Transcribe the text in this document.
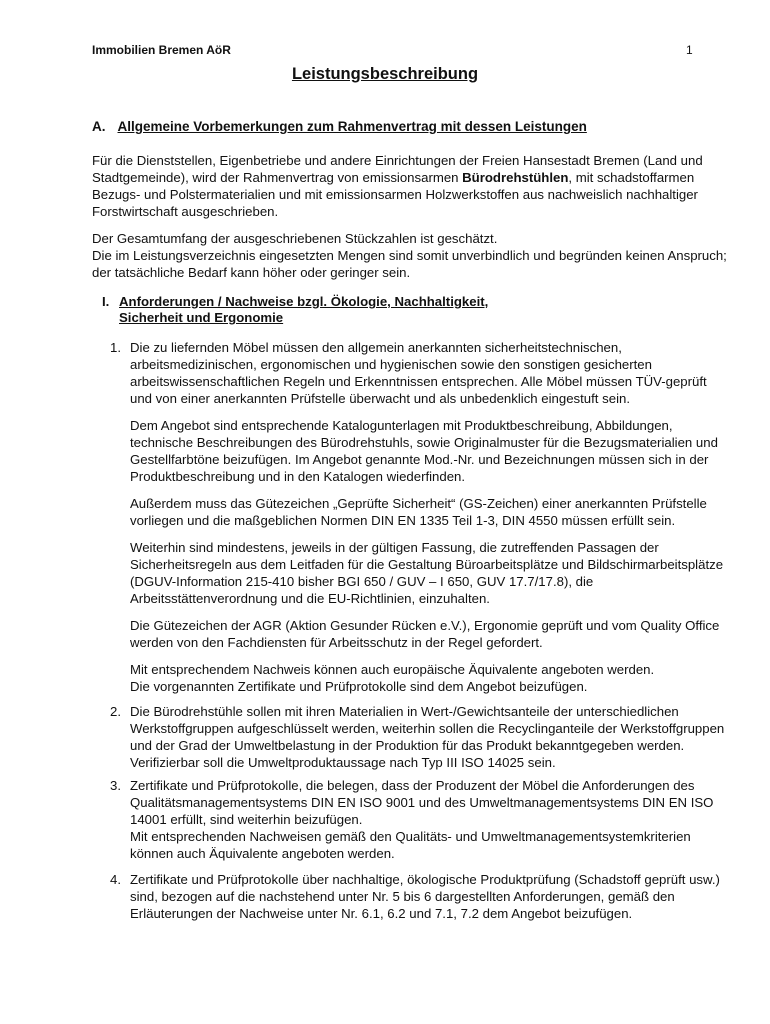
Immobilien Bremen AöR	1
Leistungsbeschreibung
A. Allgemeine Vorbemerkungen zum Rahmenvertrag mit dessen Leistungen

Für die Dienststellen, Eigenbetriebe und andere Einrichtungen der Freien Hansestadt Bremen (Land und Stadtgemeinde), wird der Rahmenvertrag von emissionsarmen Bürodrehstühlen, mit schadstoffarmen Bezugs- und Polstermaterialien und mit emissionsarmen Holzwerkstoffen aus nachweislich nachhaltiger Forstwirtschaft ausgeschrieben.

Der Gesamtumfang der ausgeschriebenen Stückzahlen ist geschätzt.

Die im Leistungsverzeichnis eingesetzten Mengen sind somit unverbindlich und begründen keinen Anspruch; der tatsächliche Bedarf kann höher oder geringer sein.

I. Anforderungen / Nachweise bzgl. Ökologie, Nachhaltigkeit,
Sicherheit und Ergonomie
1. Die zu liefernden Möbel müssen den allgemein anerkannten sicherheitstechnischen, arbeitsmedizinischen, ergonomischen und hygienischen sowie den sonstigen gesicherten arbeitswissenschaftlichen Regeln und Erkenntnissen entsprechen. Alle Möbel müssen TÜV-geprüft und von einer anerkannten Prüfstelle überwacht und als unbedenklich eingestuft sein.

Dem Angebot sind entsprechende Katalogunterlagen mit Produktbeschreibung, Abbildungen, technische Beschreibungen des Bürodrehstuhls, sowie Originalmuster für die Bezugsmaterialien und Gestellfarbtöne beizufügen. Im Angebot genannte Mod.-Nr. und Bezeichnungen müssen sich in der Produktbeschreibung und in den Katalogen wiederfinden.

Außerdem muss das Gütezeichen „Geprüfte Sicherheit“ (GS-Zeichen) einer anerkannten Prüfstelle vorliegen und die maßgeblichen Normen DIN EN 1335 Teil 1-3, DIN 4550 müssen erfüllt sein.

Weiterhin sind mindestens, jeweils in der gültigen Fassung, die zutreffenden Passagen der Sicherheitsregeln aus dem Leitfaden für die Gestaltung Büroarbeitsplätze und Bildschirmarbeitsplätze (DGUV-Information 215-410 bisher BGI 650 / GUV – I 650, GUV 17.7/17.8), die Arbeitsstättenverordnung und die EU-Richtlinien, einzuhalten.

Die Gütezeichen der AGR (Aktion Gesunder Rücken e.V.), Ergonomie geprüft und vom Quality Office werden von den Fachdiensten für Arbeitsschutz in der Regel gefordert.

Mit entsprechendem Nachweis können auch europäische Äquivalente angeboten werden.

Die vorgenannten Zertifikate und Prüfprotokolle sind dem Angebot beizufügen.

2. Die Bürodrehstühle sollen mit ihren Materialien in Wert-/Gewichtsanteile der unterschiedlichen Werkstoffgruppen aufgeschlüsselt werden, weiterhin sollen die Recyclinganteile der Werkstoffgruppen und der Grad der Umweltbelastung in der Produktion für das Produkt bekanntgegeben werden. Verifizierbar soll die Umweltproduktaussage nach Typ III ISO 14025 sein.

3. Zertifikate und Prüfprotokolle, die belegen, dass der Produzent der Möbel die Anforderungen des Qualitätsmanagementsystems DIN EN ISO 9001 und des Umweltmanagementsystems DIN EN ISO 14001 erfüllt, sind weiterhin beizufügen.

Mit entsprechenden Nachweisen gemäß den Qualitäts- und Umweltmanagementsystemkriterien können auch Äquivalente angeboten werden.

4. Zertifikate und Prüfprotokolle über nachhaltige, ökologische Produktprüfung (Schadstoff geprüft usw.) sind, bezogen auf die nachstehend unter Nr. 5 bis 6 dargestellten Anforderungen, gemäß den Erläuterungen der Nachweise unter Nr. 6.1, 6.2 und 7.1, 7.2 dem Angebot beizufügen.
